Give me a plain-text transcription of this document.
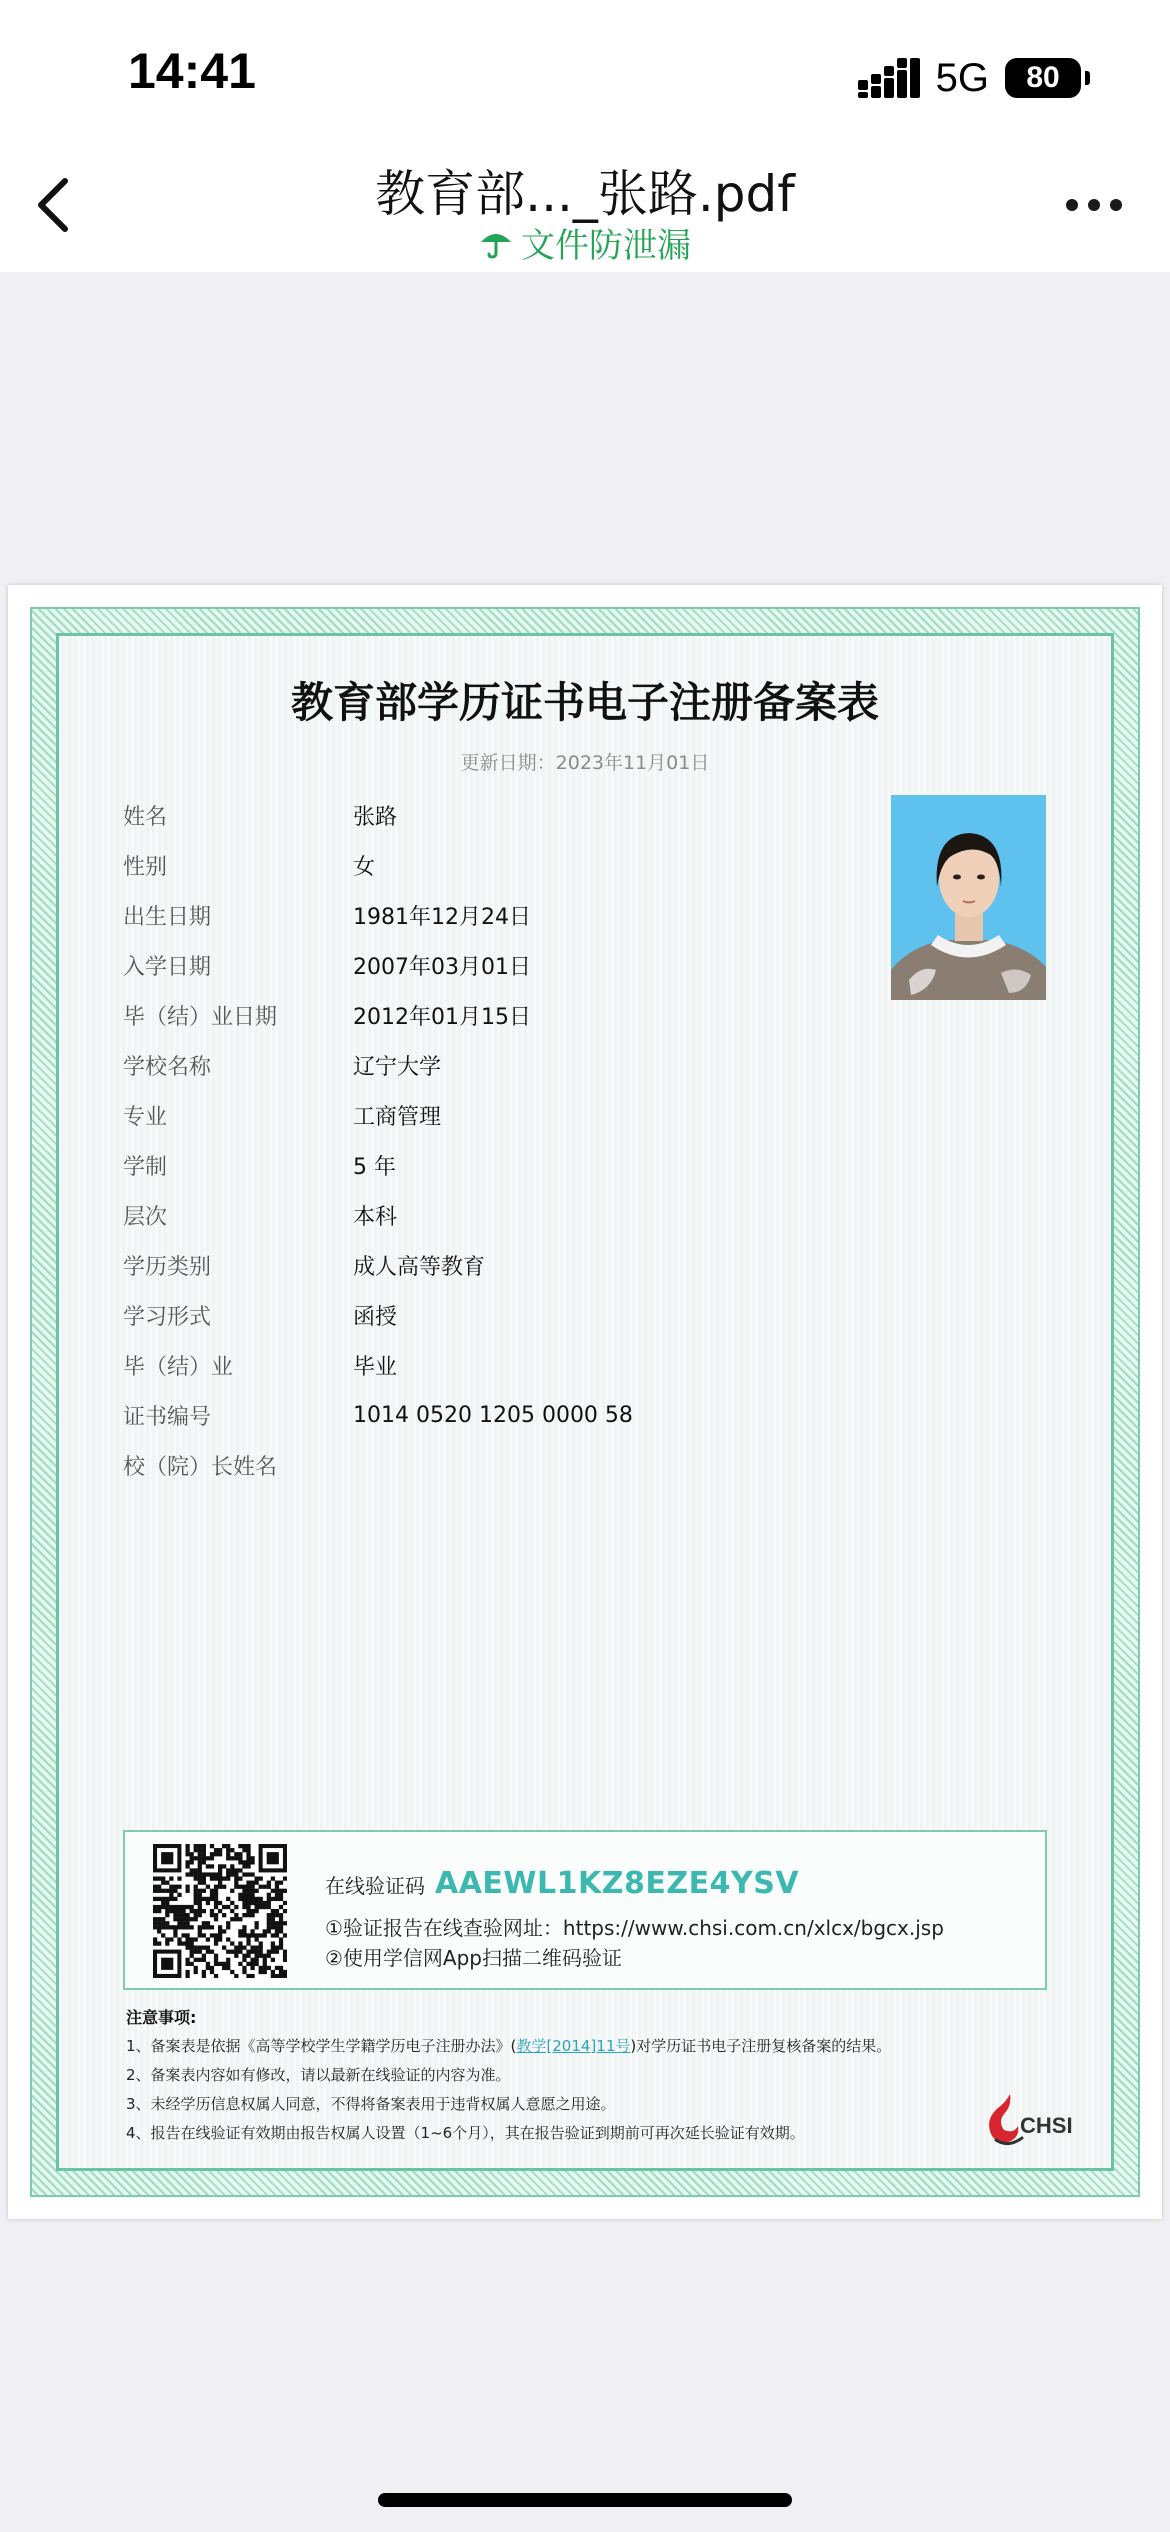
14:41	5G	80
教育部..._张路.pdf
文件防泄漏
教育部学历证书电子注册备案表
更新日期：2023年11月01日
姓名	张路
性别	女
出生日期	1981年12月24日
入学日期	2007年03月01日
毕（结）业日期	2012年01月15日
学校名称	辽宁大学
专业	工商管理
学制	5 年
层次	本科
学历类别	成人高等教育
学习形式	函授
毕（结）业	毕业
证书编号	1014 0520 1205 0000 58
校（院）长姓名
在线验证码 AAEWL1KZ8EZE4YSV
①验证报告在线查验网址：https://www.chsi.com.cn/xlcx/bgcx.jsp
②使用学信网App扫描二维码验证
注意事项:
1、备案表是依据《高等学校学生学籍学历电子注册办法》(教学[2014]11号)对学历证书电子注册复核备案的结果。
2、备案表内容如有修改，请以最新在线验证的内容为准。
3、未经学历信息权属人同意，不得将备案表用于违背权属人意愿之用途。
4、报告在线验证有效期由报告权属人设置（1~6个月），其在报告验证到期前可再次延长验证有效期。	CHSI
